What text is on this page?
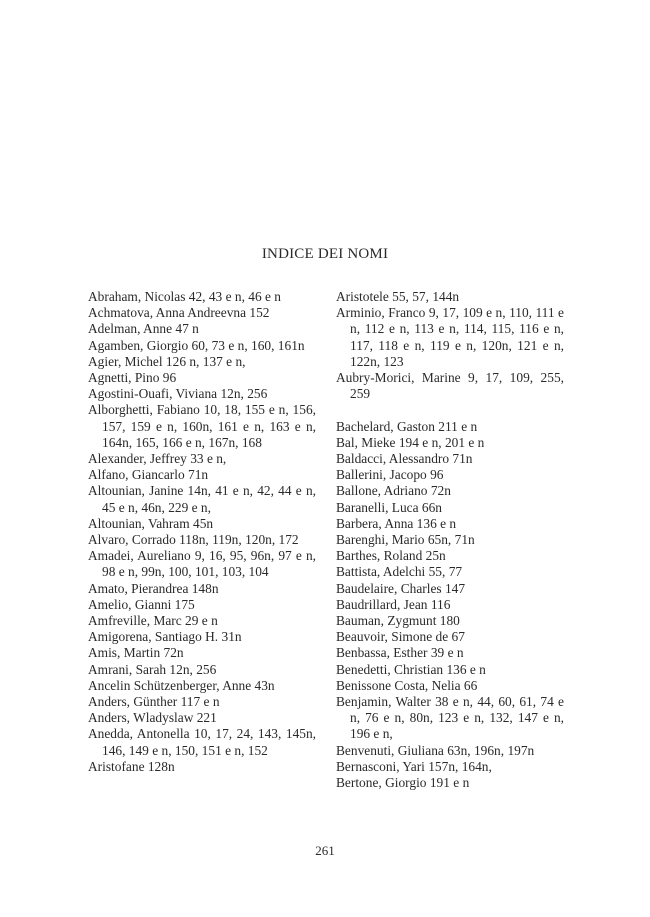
INDICE DEI NOMI
Abraham, Nicolas 42, 43 e n, 46 e n
Achmatova, Anna Andreevna 152
Adelman, Anne 47 n
Agamben, Giorgio 60, 73 e n, 160, 161n
Agier, Michel 126 n, 137 e n,
Agnetti, Pino 96
Agostini-Ouafi, Viviana 12n, 256
Alborghetti, Fabiano 10, 18, 155 e n, 156, 157, 159 e n, 160n, 161 e n, 163 e n, 164n, 165, 166 e n, 167n, 168
Alexander, Jeffrey 33 e n,
Alfano, Giancarlo 71n
Altounian, Janine 14n, 41 e n, 42, 44 e n, 45 e n, 46n, 229 e n,
Altounian, Vahram 45n
Alvaro, Corrado 118n, 119n, 120n, 172
Amadei, Aureliano 9, 16, 95, 96n, 97 e n, 98 e n, 99n, 100, 101, 103, 104
Amato, Pierandrea 148n
Amelio, Gianni 175
Amfreville, Marc 29 e n
Amigorena, Santiago H. 31n
Amis, Martin 72n
Amrani, Sarah 12n, 256
Ancelin Schützenberger, Anne 43n
Anders, Günther 117 e n
Anders, Wladyslaw 221
Anedda, Antonella 10, 17, 24, 143, 145n, 146, 149 e n, 150, 151 e n, 152
Aristofane 128n
Aristotele 55, 57, 144n
Arminio, Franco 9, 17, 109 e n, 110, 111 e n, 112 e n, 113 e n, 114, 115, 116 e n, 117, 118 e n, 119 e n, 120n, 121 e n, 122n, 123
Aubry-Morici, Marine 9, 17, 109, 255, 259
Bachelard, Gaston 211 e n
Bal, Mieke 194 e n, 201 e n
Baldacci, Alessandro 71n
Ballerini, Jacopo 96
Ballone, Adriano 72n
Baranelli, Luca 66n
Barbera, Anna 136 e n
Barenghi, Mario 65n, 71n
Barthes, Roland 25n
Battista, Adelchi 55, 77
Baudelaire, Charles 147
Baudrillard, Jean 116
Bauman, Zygmunt 180
Beauvoir, Simone de 67
Benbassa, Esther 39 e n
Benedetti, Christian 136 e n
Benissone Costa, Nelia 66
Benjamin, Walter 38 e n, 44, 60, 61, 74 e n, 76 e n, 80n, 123 e n, 132, 147 e n, 196 e n,
Benvenuti, Giuliana 63n, 196n, 197n
Bernasconi, Yari 157n, 164n,
Bertone, Giorgio 191 e n
261
